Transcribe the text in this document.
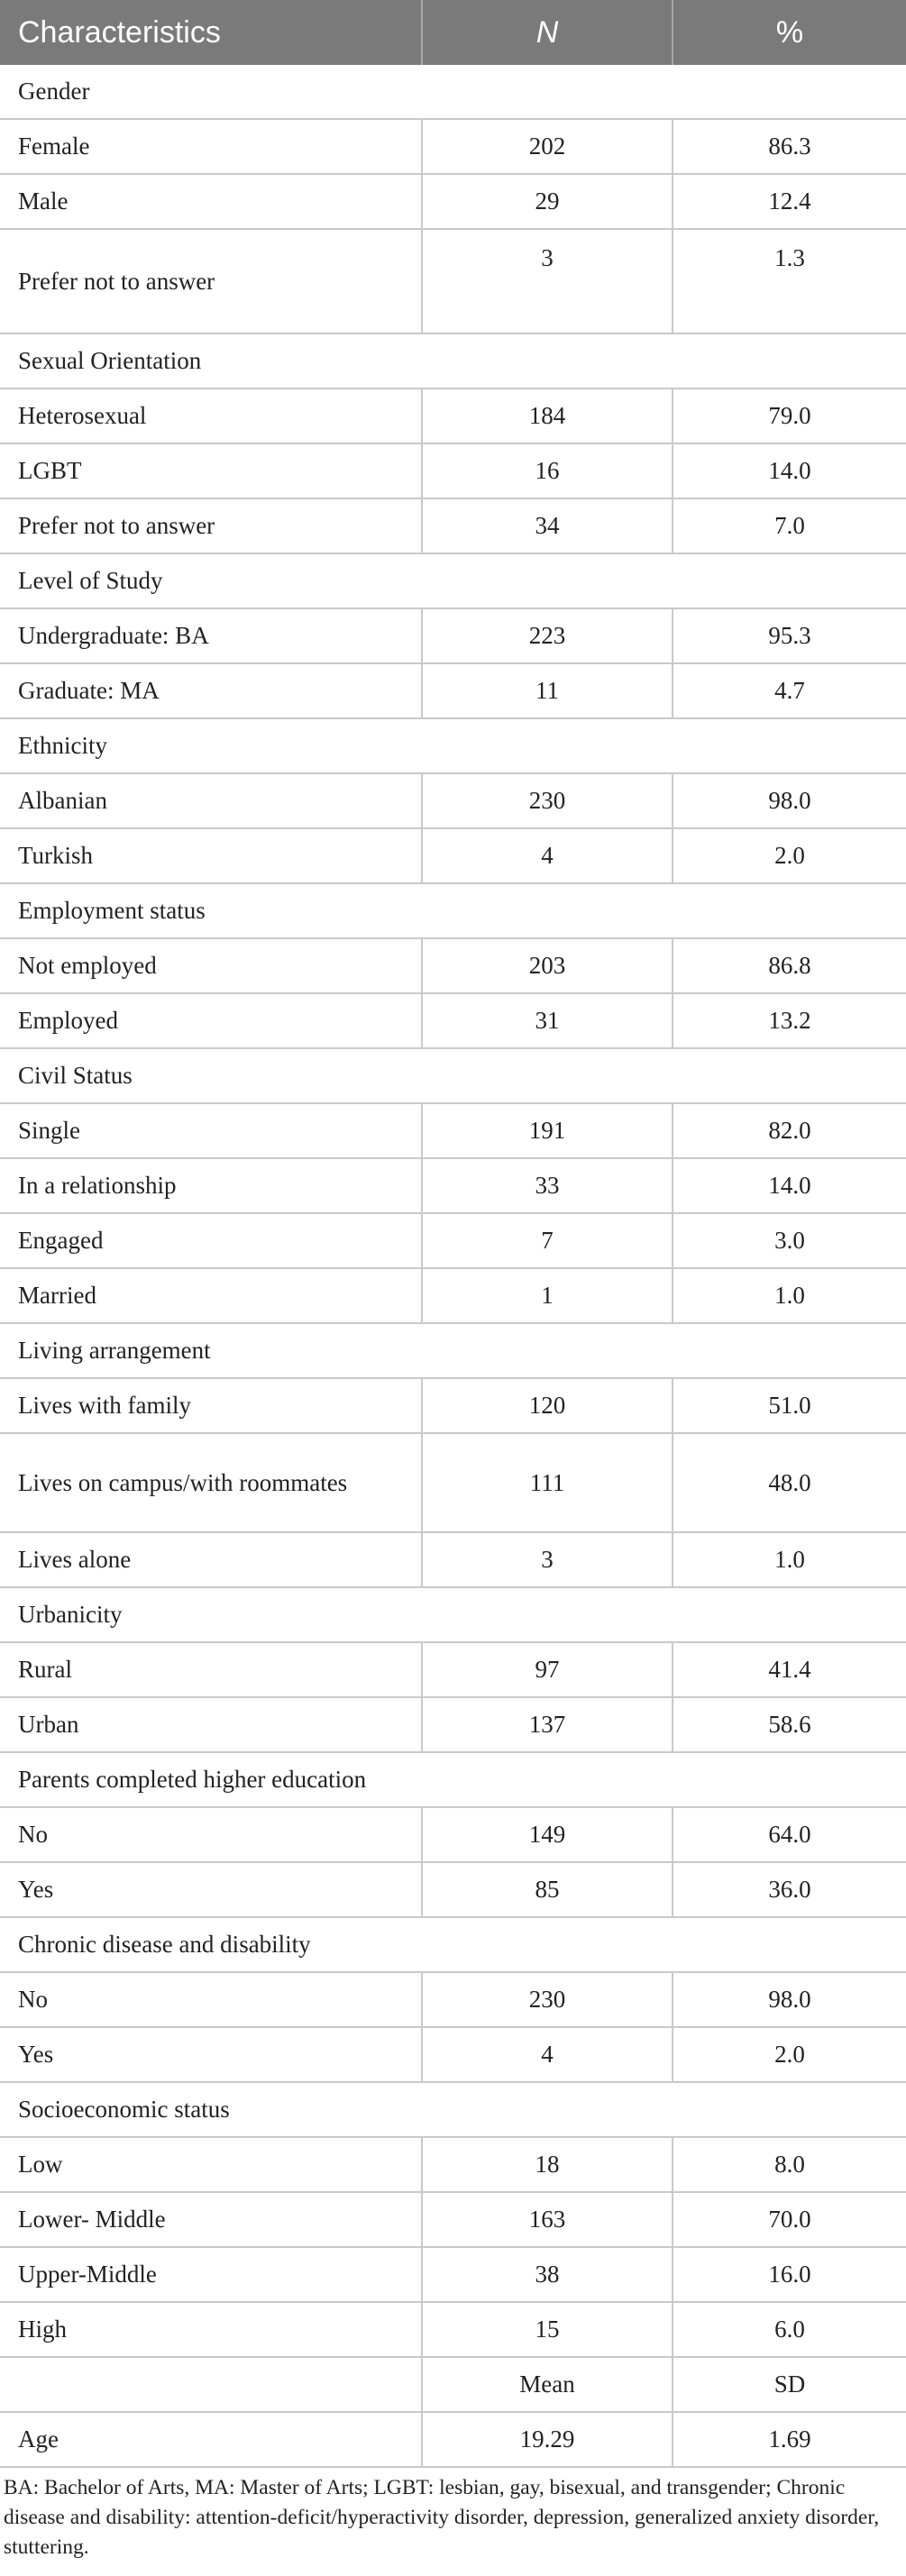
Characteristics	N	%
Gender		
Female	202	86.3
Male	29	12.4
Prefer not to answer	3	1.3
Sexual Orientation		
Heterosexual	184	79.0
LGBT	16	14.0
Prefer not to answer	34	7.0
Level of Study		
Undergraduate: BA	223	95.3
Graduate: MA	11	4.7
Ethnicity		
Albanian	230	98.0
Turkish	4	2.0
Employment status		
Not employed	203	86.8
Employed	31	13.2
Civil Status		
Single	191	82.0
In a relationship	33	14.0
Engaged	7	3.0
Married	1	1.0
Living arrangement		
Lives with family	120	51.0
Lives on campus/with roommates	111	48.0
Lives alone	3	1.0
Urbanicity		
Rural	97	41.4
Urban	137	58.6
Parents completed higher education		
No	149	64.0
Yes	85	36.0
Chronic disease and disability		
No	230	98.0
Yes	4	2.0
Socioeconomic status		
Low	18	8.0
Lower- Middle	163	70.0
Upper-Middle	38	16.0
High	15	6.0
	Mean	SD
Age	19.29	1.69
BA: Bachelor of Arts, MA: Master of Arts; LGBT: lesbian, gay, bisexual, and transgender; Chronic disease and disability: attention-deficit/hyperactivity disorder, depression, generalized anxiety disorder, stuttering.
